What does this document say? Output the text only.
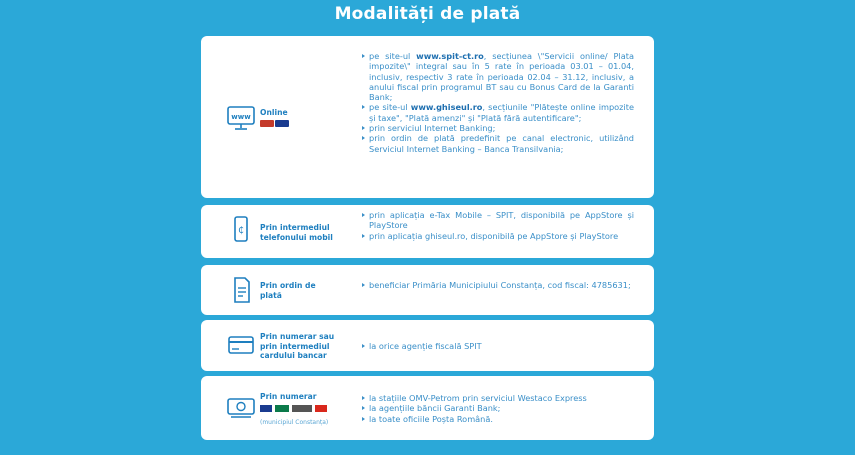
Modalități de plată
www Online
pe site-ul www.spit-ct.ro, secțiunea \"Servicii online/ Plata impozite\" integral sau în 5 rate în perioada 03.01 – 01.04, inclusiv, respectiv 3 rate în perioada 02.04 – 31.12, inclusiv, a anului fiscal prin programul BT sau cu Bonus Card de la Garanti Bank;
pe site-ul www.ghiseul.ro, secțiunile "Plătește online impozite și taxe", "Plată amenzi" și "Plată fără autentificare";
prin serviciul Internet Banking;
prin ordin de plată predefinit pe canal electronic, utilizând Serviciul Internet Banking – Banca Transilvania;
₵ Prin intermediul
telefonului mobil
prin aplicația e-Tax Mobile – SPIT, disponibilă pe AppStore și PlayStore
prin aplicația ghiseul.ro, disponibilă pe AppStore și PlayStore
Prin ordin de
plată
beneficiar Primăria Municipiului Constanța, cod fiscal: 4785631;
Prin numerar sau
prin intermediul
cardului bancar
la orice agenție fiscală SPIT
Prin numerar
(municipiul Constanța)
la stațiile OMV-Petrom prin serviciul Westaco Express
la agențiile băncii Garanti Bank;
la toate oficiile Poșta Română.
